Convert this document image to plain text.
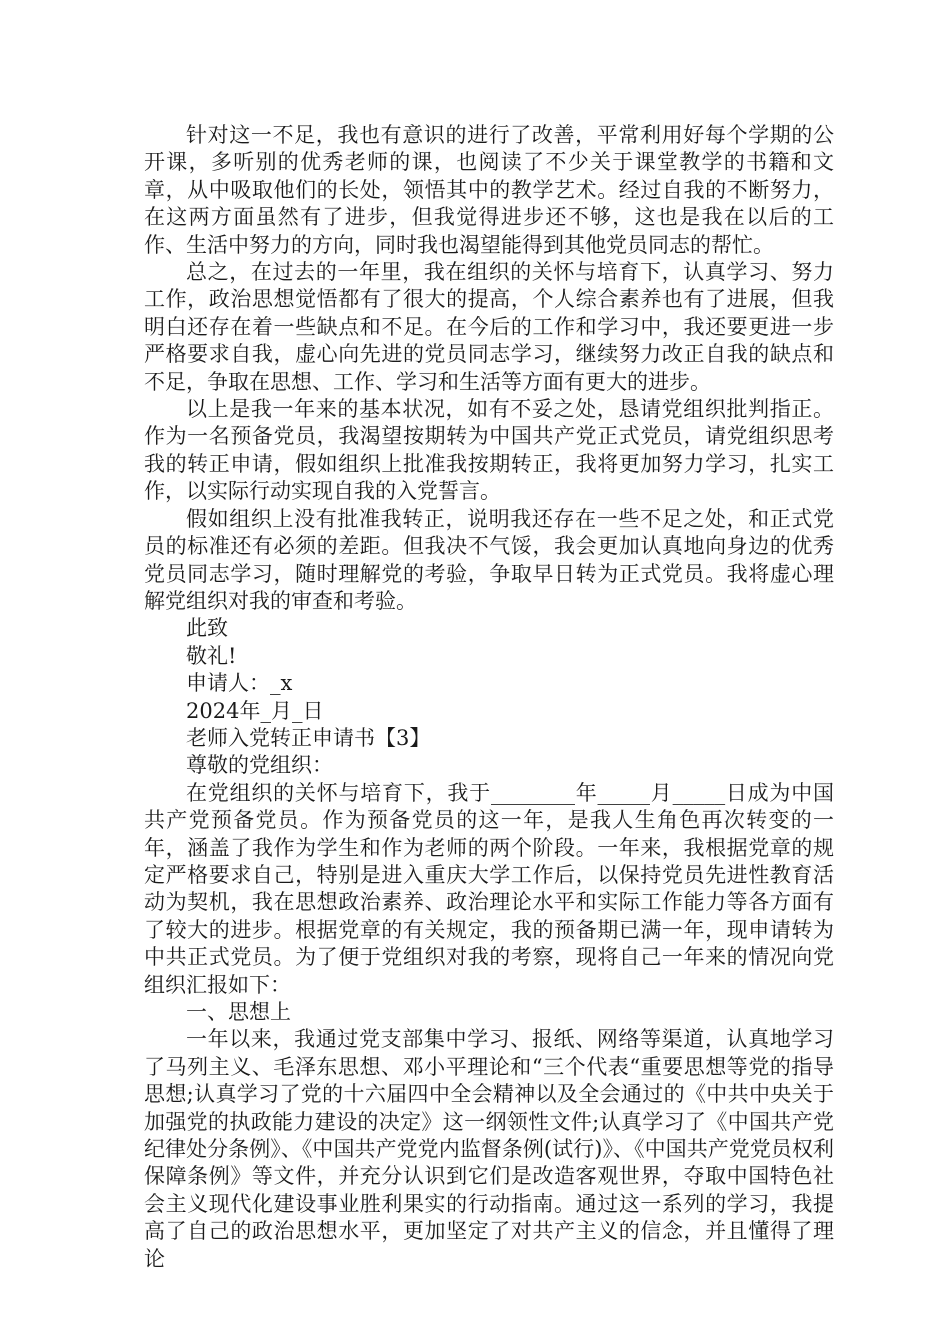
针对这一不足，我也有意识的进行了改善，平常利用好每个学期的公开课，多听别的优秀老师的课，也阅读了不少关于课堂教学的书籍和文章，从中吸取他们的长处，领悟其中的教学艺术。经过自我的不断努力，在这两方面虽然有了进步，但我觉得进步还不够，这也是我在以后的工作、生活中努力的方向，同时我也渴望能得到其他党员同志的帮忙。

总之，在过去的一年里，我在组织的关怀与培育下，认真学习、努力工作，政治思想觉悟都有了很大的提高，个人综合素养也有了进展，但我明白还存在着一些缺点和不足。在今后的工作和学习中，我还要更进一步严格要求自我，虚心向先进的党员同志学习，继续努力改正自我的缺点和不足，争取在思想、工作、学习和生活等方面有更大的进步。

以上是我一年来的基本状况，如有不妥之处，恳请党组织批判指正。作为一名预备党员，我渴望按期转为中国共产党正式党员，请党组织思考我的转正申请，假如组织上批准我按期转正，我将更加努力学习，扎实工作，以实际行动实现自我的入党誓言。

假如组织上没有批准我转正，说明我还存在一些不足之处，和正式党员的标准还有必须的差距。但我决不气馁，我会更加认真地向身边的优秀党员同志学习，随时理解党的考验，争取早日转为正式党员。我将虚心理解党组织对我的审查和考验。

此致

敬礼!

申请人：_x

2024年_月_日

老师入党转正申请书【3】

尊敬的党组织：

在党组织的关怀与培育下，我于________年_____月_____日成为中国共产党预备党员。作为预备党员的这一年，是我人生角色再次转变的一年，涵盖了我作为学生和作为老师的两个阶段。一年来，我根据党章的规定严格要求自己，特别是进入重庆大学工作后，以保持党员先进性教育活动为契机，我在思想政治素养、政治理论水平和实际工作能力等各方面有了较大的进步。根据党章的有关规定，我的预备期已满一年，现申请转为中共正式党员。为了便于党组织对我的考察，现将自己一年来的情况向党组织汇报如下：

一、思想上

一年以来，我通过党支部集中学习、报纸、网络等渠道，认真地学习了马列主义、毛泽东思想、邓小平理论和“三个代表“重要思想等党的指导思想;认真学习了党的十六届四中全会精神以及全会通过的《中共中央关于加强党的执政能力建设的决定》这一纲领性文件;认真学习了《中国共产党纪律处分条例》、《中国共产党党内监督条例(试行)》、《中国共产党党员权利保障条例》等文件，并充分认识到它们是改造客观世界，夺取中国特色社会主义现代化建设事业胜利果实的行动指南。通过这一系列的学习，我提高了自己的政治思想水平，更加坚定了对共产主义的信念，并且懂得了理论
